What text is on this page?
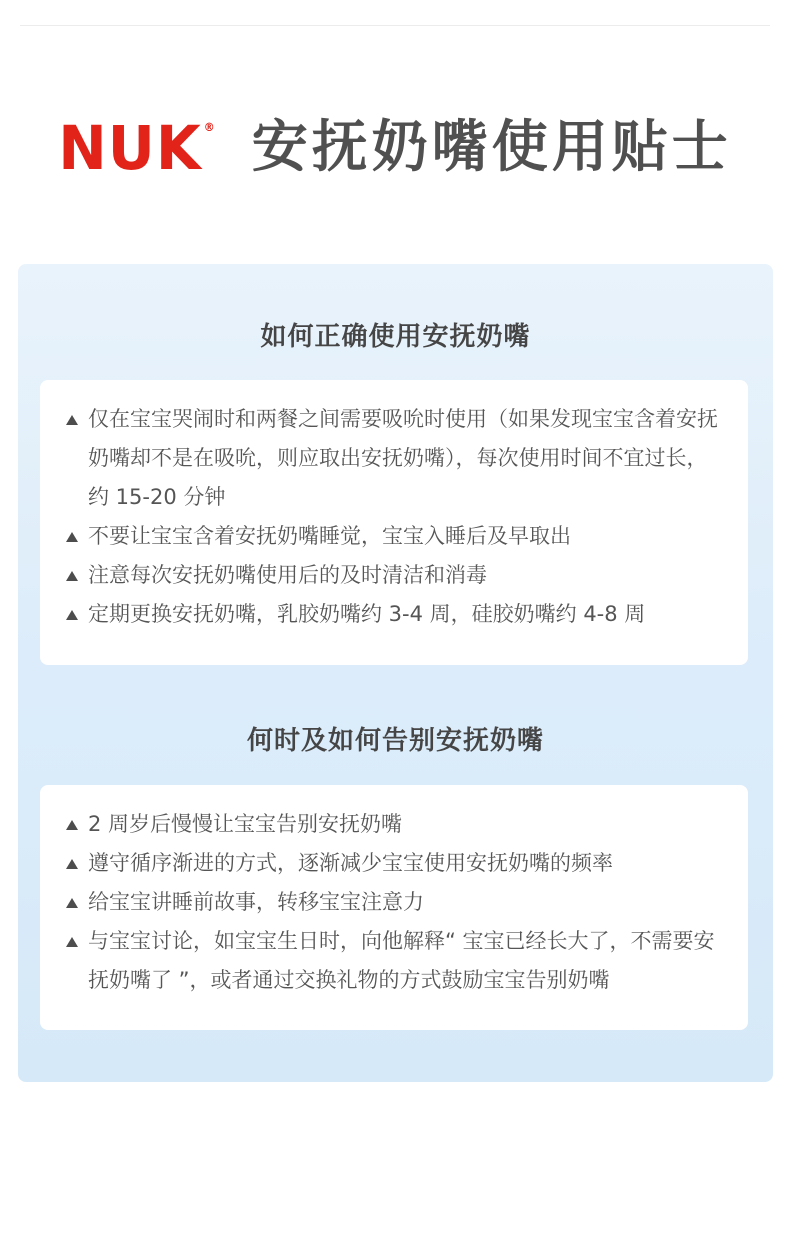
NUK ® 安抚奶嘴使用贴士
如何正确使用安抚奶嘴
仅在宝宝哭闹时和两餐之间需要吸吮时使用（如果发现宝宝含着安抚奶嘴却不是在吸吮，则应取出安抚奶嘴），每次使用时间不宜过长，约 15-20 分钟
不要让宝宝含着安抚奶嘴睡觉，宝宝入睡后及早取出
注意每次安抚奶嘴使用后的及时清洁和消毒
定期更换安抚奶嘴，乳胶奶嘴约 3-4 周，硅胶奶嘴约 4-8 周
何时及如何告别安抚奶嘴
2 周岁后慢慢让宝宝告别安抚奶嘴
遵守循序渐进的方式，逐渐减少宝宝使用安抚奶嘴的频率
给宝宝讲睡前故事，转移宝宝注意力
与宝宝讨论，如宝宝生日时，向他解释“ 宝宝已经长大了，不需要安抚奶嘴了 ”，或者通过交换礼物的方式鼓励宝宝告别奶嘴
